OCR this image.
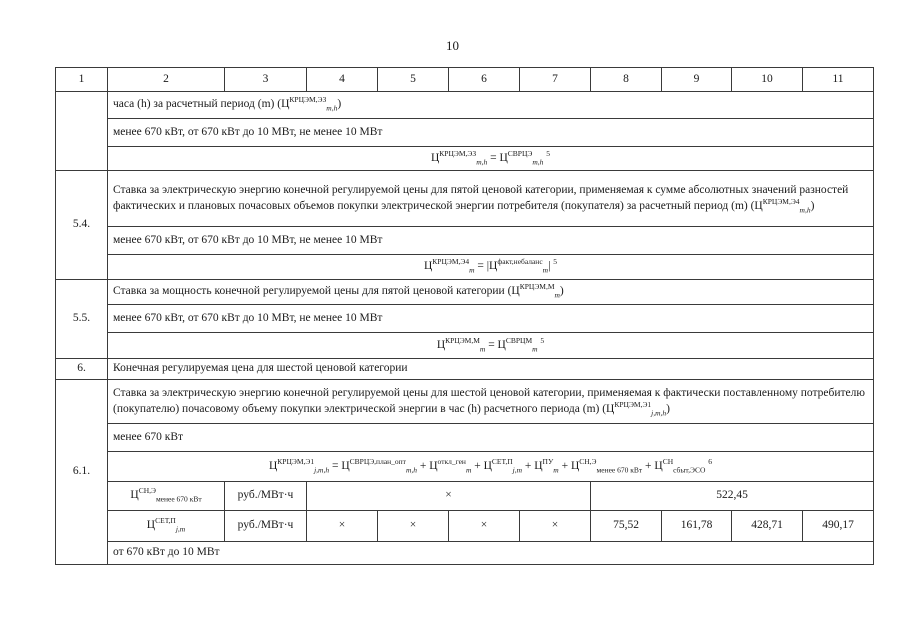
10
1	2	3	4	5	6	7	8	9	10	11
	часа (h) за расчетный период (m) $(Ц^{КРЦЭМ,ЭЗ}_{m,h})$									
	менее 670 кВт, от 670 кВт до 10 МВт, не менее 10 МВт									
	$Ц^{КРЦЭМ,ЭЗ}_{m,h} = Ц^{СВРЦЭ}_{m,h}$ $^5$
5.4.	Ставка за электрическую энергию конечной регулируемой цены для пятой ценовой категории, применяемая к сумме абсолютных значений разностей фактических и плановых почасовых объемов покупки электрической энергии потребителя (покупателя) за расчетный период (m) $(Ц^{КРЦЭМ,Э4}_{m,h})$									
	менее 670 кВт, от 670 кВт до 10 МВт, не менее 10 МВт									
	$Ц^{КРЦЭМ,Э4}_m = |Ц^{факт,небаланс}_m|$ $^5$
5.5.	Ставка за мощность конечной регулируемой цены для пятой ценовой категории $(Ц^{КРЦЭМ,М}_m)$									
	менее 670 кВт, от 670 кВт до 10 МВт, не менее 10 МВт									
	$Ц^{КРЦЭМ,М}_m = Ц^{СВРЦМ}_m$ $^5$
6.	Конечная регулируемая цена для шестой ценовой категории									
6.1.	Ставка за электрическую энергию конечной регулируемой цены для шестой ценовой категории, применяемая к фактически поставленному потребителю (покупателю) почасовому объему покупки электрической энергии в час (h) расчетного периода (m) $(Ц^{КРЦЭМ,Э1}_{j,m,h})$									
	менее 670 кВт									
	$Ц^{КРЦЭМ,Э1}_{j,m,h} = Ц^{СВРЦЭ,план\_опт}_{m,h} + Ц^{откл\_ген}_m + Ц^{СЕТ,П}_{j,m} + Ц^{ПУ}_m + Ц^{СН,Э}_{менее 670 кВт} + Ц^{СН}_{сбыт,ЭСО}$ $^6$
	$Ц^{СН,Э}_{менее 670 кВт}$	руб./МВт·ч	×				522,45			
	$Ц^{СЕТ,П}_{j,m}$	руб./МВт·ч	×	×	×	×	75,52	161,78	428,71	490,17
	от 670 кВт до 10 МВт									
